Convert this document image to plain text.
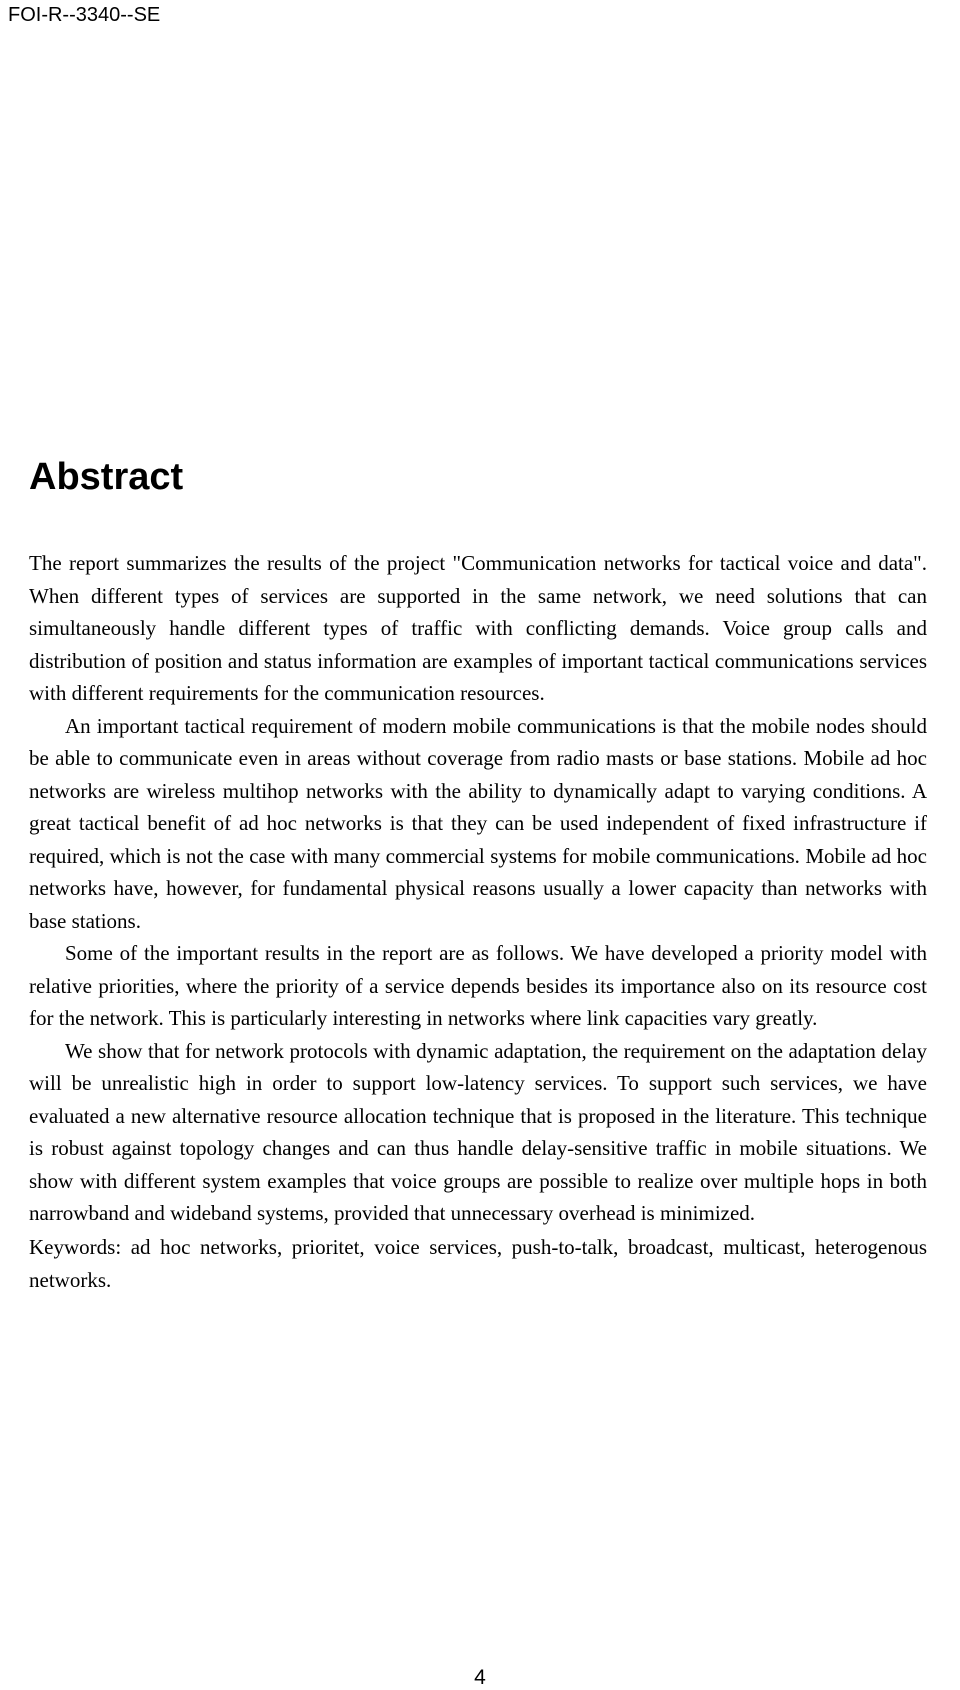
FOI-R--3340--SE
Abstract

The report summarizes the results of the project "Communication networks for tactical voice and data". When different types of services are supported in the same network, we need solutions that can simultaneously handle different types of traffic with conflicting demands. Voice group calls and distribution of position and status information are examples of important tactical communications services with different requirements for the communication resources.

An important tactical requirement of modern mobile communications is that the mobile nodes should be able to communicate even in areas without coverage from radio masts or base stations. Mobile ad hoc networks are wireless multihop networks with the ability to dynamically adapt to varying conditions. A great tactical benefit of ad hoc networks is that they can be used independent of fixed infrastructure if required, which is not the case with many commercial systems for mobile communications. Mobile ad hoc networks have, however, for fundamental physical reasons usually a lower capacity than networks with base stations.

Some of the important results in the report are as follows. We have developed a priority model with relative priorities, where the priority of a service depends besides its importance also on its resource cost for the network. This is particularly interesting in networks where link capacities vary greatly.

We show that for network protocols with dynamic adaptation, the requirement on the adaptation delay will be unrealistic high in order to support low-latency services. To support such services, we have evaluated a new alternative resource allocation technique that is proposed in the literature. This technique is robust against topology changes and can thus handle delay-sensitive traffic in mobile situations. We show with different system examples that voice groups are possible to realize over multiple hops in both narrowband and wideband systems, provided that unnecessary overhead is minimized.

Keywords: ad hoc networks, prioritet, voice services, push-to-talk, broadcast, multicast, heterogenous networks.

4
